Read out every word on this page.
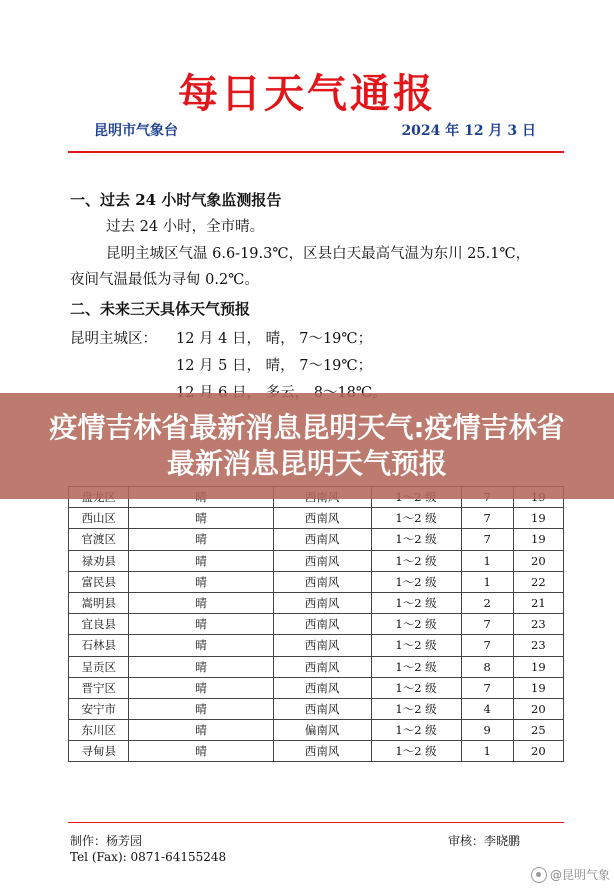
每日天气通报
昆明市气象台	2024 年 12 月 3 日
一、过去 24 小时气象监测报告
过去 24 小时，全市晴。
昆明主城区气温 6.6-19.3℃，区县白天最高气温为东川 25.1℃，
夜间气温最低为寻甸 0.2℃。
二、未来三天具体天气预报
昆明主城区： 12 月 4 日， 晴， 7～19℃；
12 月 5 日， 晴， 7～19℃；

西山区	晴	西南风	1～2 级	7	19
官渡区	晴	西南风	1～2 级	7	19
禄劝县	晴	西南风	1～2 级	1	20
富民县	晴	西南风	1～2 级	1	22
嵩明县	晴	西南风	1～2 级	2	21
宜良县	晴	西南风	1～2 级	7	23
石林县	晴	西南风	1～2 级	7	23
呈贡区	晴	西南风	1～2 级	8	19
晋宁区	晴	西南风	1～2 级	7	19
安宁市	晴	西南风	1～2 级	4	20
东川区	晴	偏南风	1～2 级	9	25
寻甸县	晴	西南风	1～2 级	1	20
疫情吉林省最新消息昆明天气:疫情吉林省最新消息昆明天气预报
制作：杨芳园
Tel (Fax): 0871-64155248
审核：李晓鹏
@昆明气象
